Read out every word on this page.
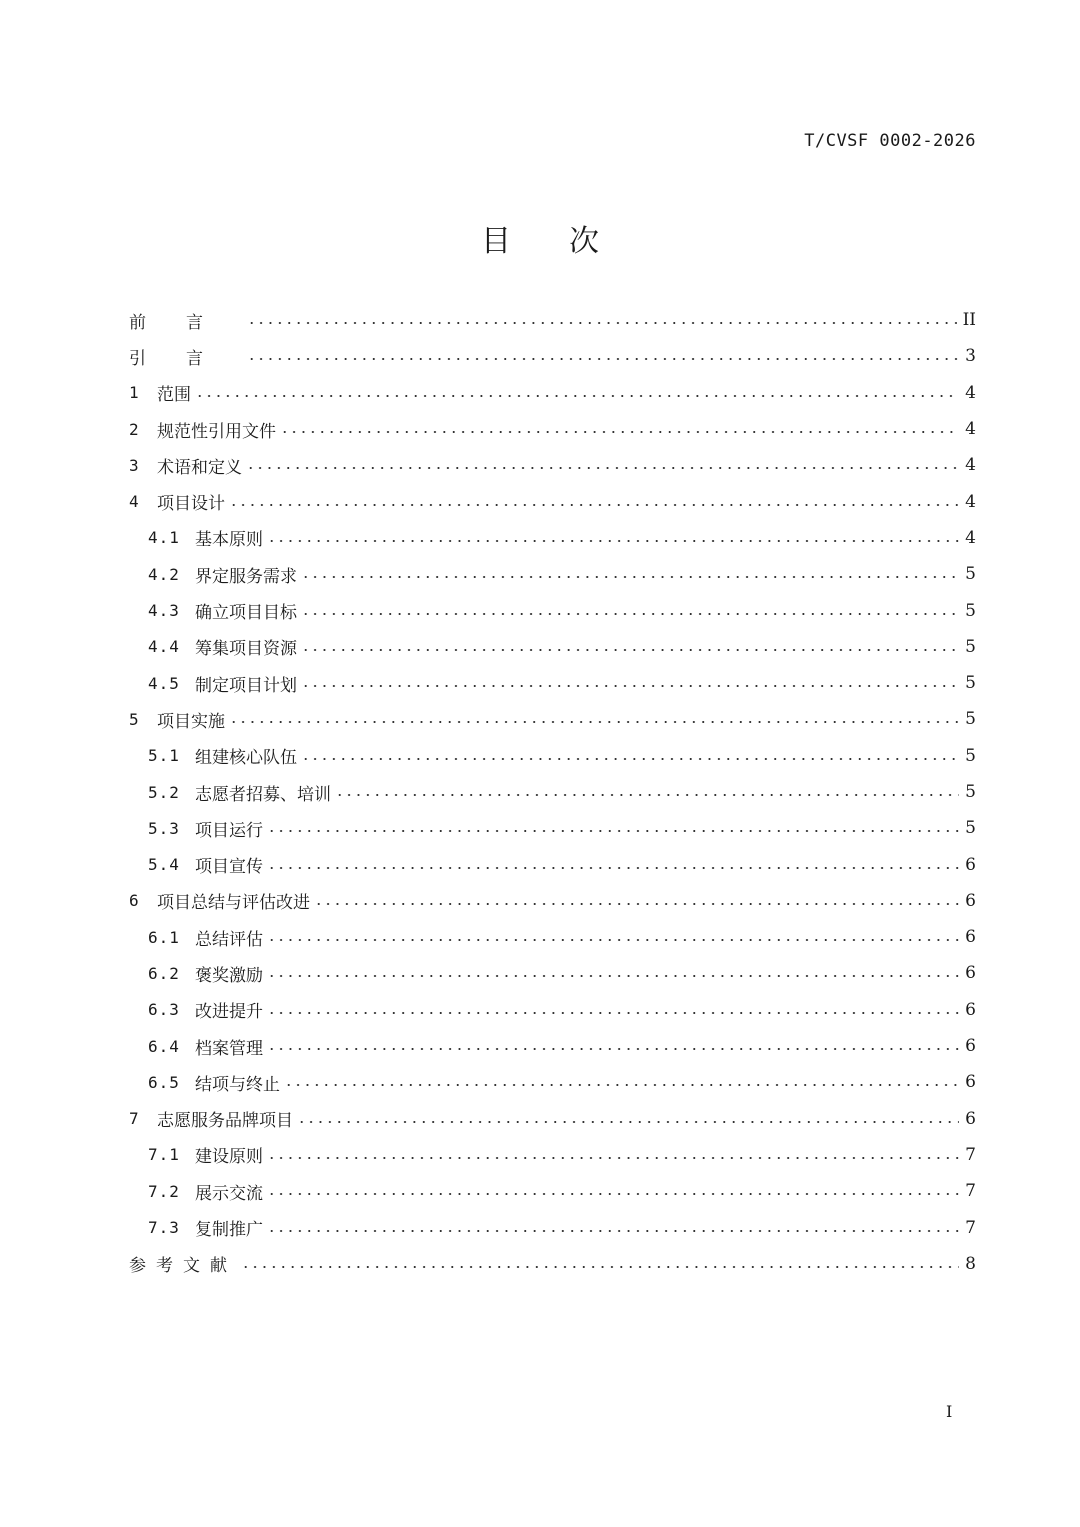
T/CVSF 0002-2026
目次
前言	II
引言	3
1	范围	4
2	规范性引用文件	4
3	术语和定义	4
4	项目设计	4
4.1 基本原则	4
4.2 界定服务需求	5
4.3 确立项目目标	5
4.4 筹集项目资源	5
4.5 制定项目计划	5
5	项目实施	5
5.1 组建核心队伍	5
5.2 志愿者招募、培训	5
5.3 项目运行	5
5.4 项目宣传	6
6	项目总结与评估改进	6
6.1 总结评估	6
6.2 褒奖激励	6
6.3 改进提升	6
6.4 档案管理	6
6.5 结项与终止	6
7	志愿服务品牌项目	6
7.1 建设原则	7
7.2 展示交流	7
7.3 复制推广	7
参考文献	8
I
